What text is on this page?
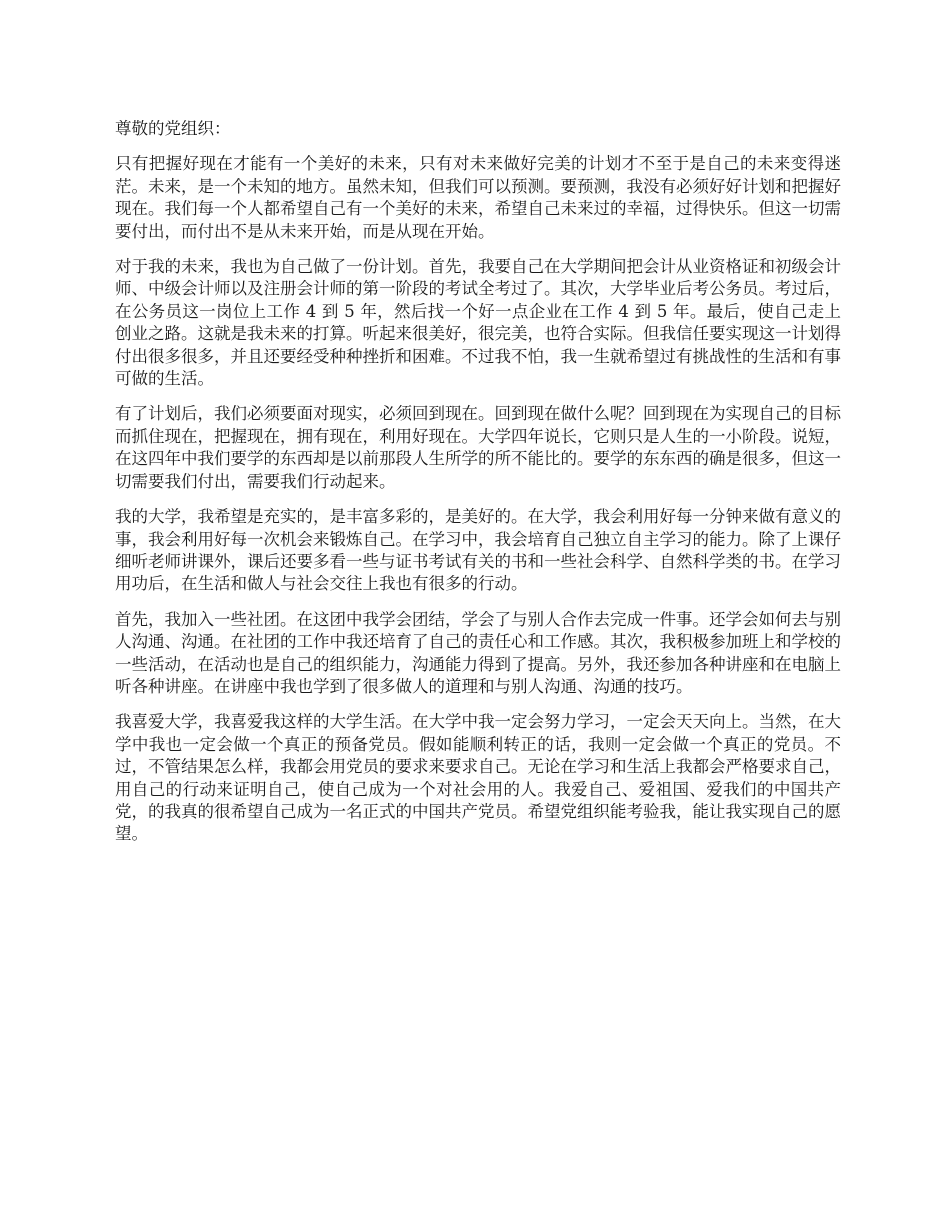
尊敬的党组织：

只有把握好现在才能有一个美好的未来，只有对未来做好完美的计划才不至于是自己的未来变得迷茫。未来，是一个未知的地方。虽然未知，但我们可以预测。要预测，我没有必须好好计划和把握好现在。我们每一个人都希望自己有一个美好的未来，希望自己未来过的幸福，过得快乐。但这一切需要付出，而付出不是从未来开始，而是从现在开始。

对于我的未来，我也为自己做了一份计划。首先，我要自己在大学期间把会计从业资格证和初级会计师、中级会计师以及注册会计师的第一阶段的考试全考过了。其次，大学毕业后考公务员。考过后，在公务员这一岗位上工作 4 到 5 年，然后找一个好一点企业在工作 4 到 5 年。最后，使自己走上创业之路。这就是我未来的打算。听起来很美好，很完美，也符合实际。但我信任要实现这一计划得付出很多很多，并且还要经受种种挫折和困难。不过我不怕，我一生就希望过有挑战性的生活和有事可做的生活。

有了计划后，我们必须要面对现实，必须回到现在。回到现在做什么呢？回到现在为实现自己的目标而抓住现在，把握现在，拥有现在，利用好现在。大学四年说长，它则只是人生的一小阶段。说短，在这四年中我们要学的东西却是以前那段人生所学的所不能比的。要学的东东西的确是很多，但这一切需要我们付出，需要我们行动起来。

我的大学，我希望是充实的，是丰富多彩的，是美好的。在大学，我会利用好每一分钟来做有意义的事，我会利用好每一次机会来锻炼自己。在学习中，我会培育自己独立自主学习的能力。除了上课仔细听老师讲课外，课后还要多看一些与证书考试有关的书和一些社会科学、自然科学类的书。在学习用功后，在生活和做人与社会交往上我也有很多的行动。

首先，我加入一些社团。在这团中我学会团结，学会了与别人合作去完成一件事。还学会如何去与别人沟通、沟通。在社团的工作中我还培育了自己的责任心和工作感。其次，我积极参加班上和学校的一些活动，在活动也是自己的组织能力，沟通能力得到了提高。另外，我还参加各种讲座和在电脑上听各种讲座。在讲座中我也学到了很多做人的道理和与别人沟通、沟通的技巧。

我喜爱大学，我喜爱我这样的大学生活。在大学中我一定会努力学习，一定会天天向上。当然，在大学中我也一定会做一个真正的预备党员。假如能顺利转正的话，我则一定会做一个真正的党员。不过，不管结果怎么样，我都会用党员的要求来要求自己。无论在学习和生活上我都会严格要求自己，用自己的行动来证明自己，使自己成为一个对社会用的人。我爱自己、爱祖国、爱我们的中国共产党，的我真的很希望自己成为一名正式的中国共产党员。希望党组织能考验我，能让我实现自己的愿望。
